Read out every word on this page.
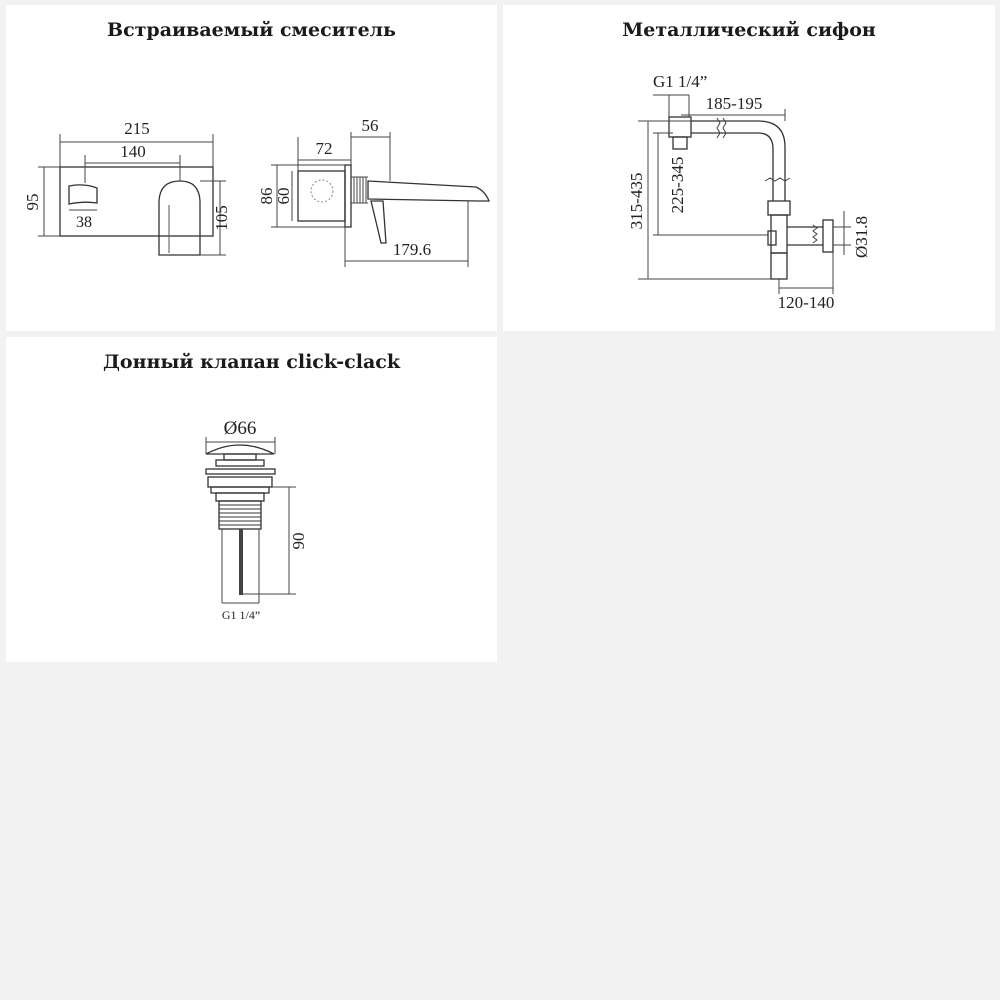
Встраиваемый смеситель
215
140
95
38	105
72
56
86
60
179.6
Металлический сифон
G1 1/4”
185-195
315-435 225-345
Ø31.8
120-140
Донный клапан click-clack
Ø66
90
G1 1/4”
